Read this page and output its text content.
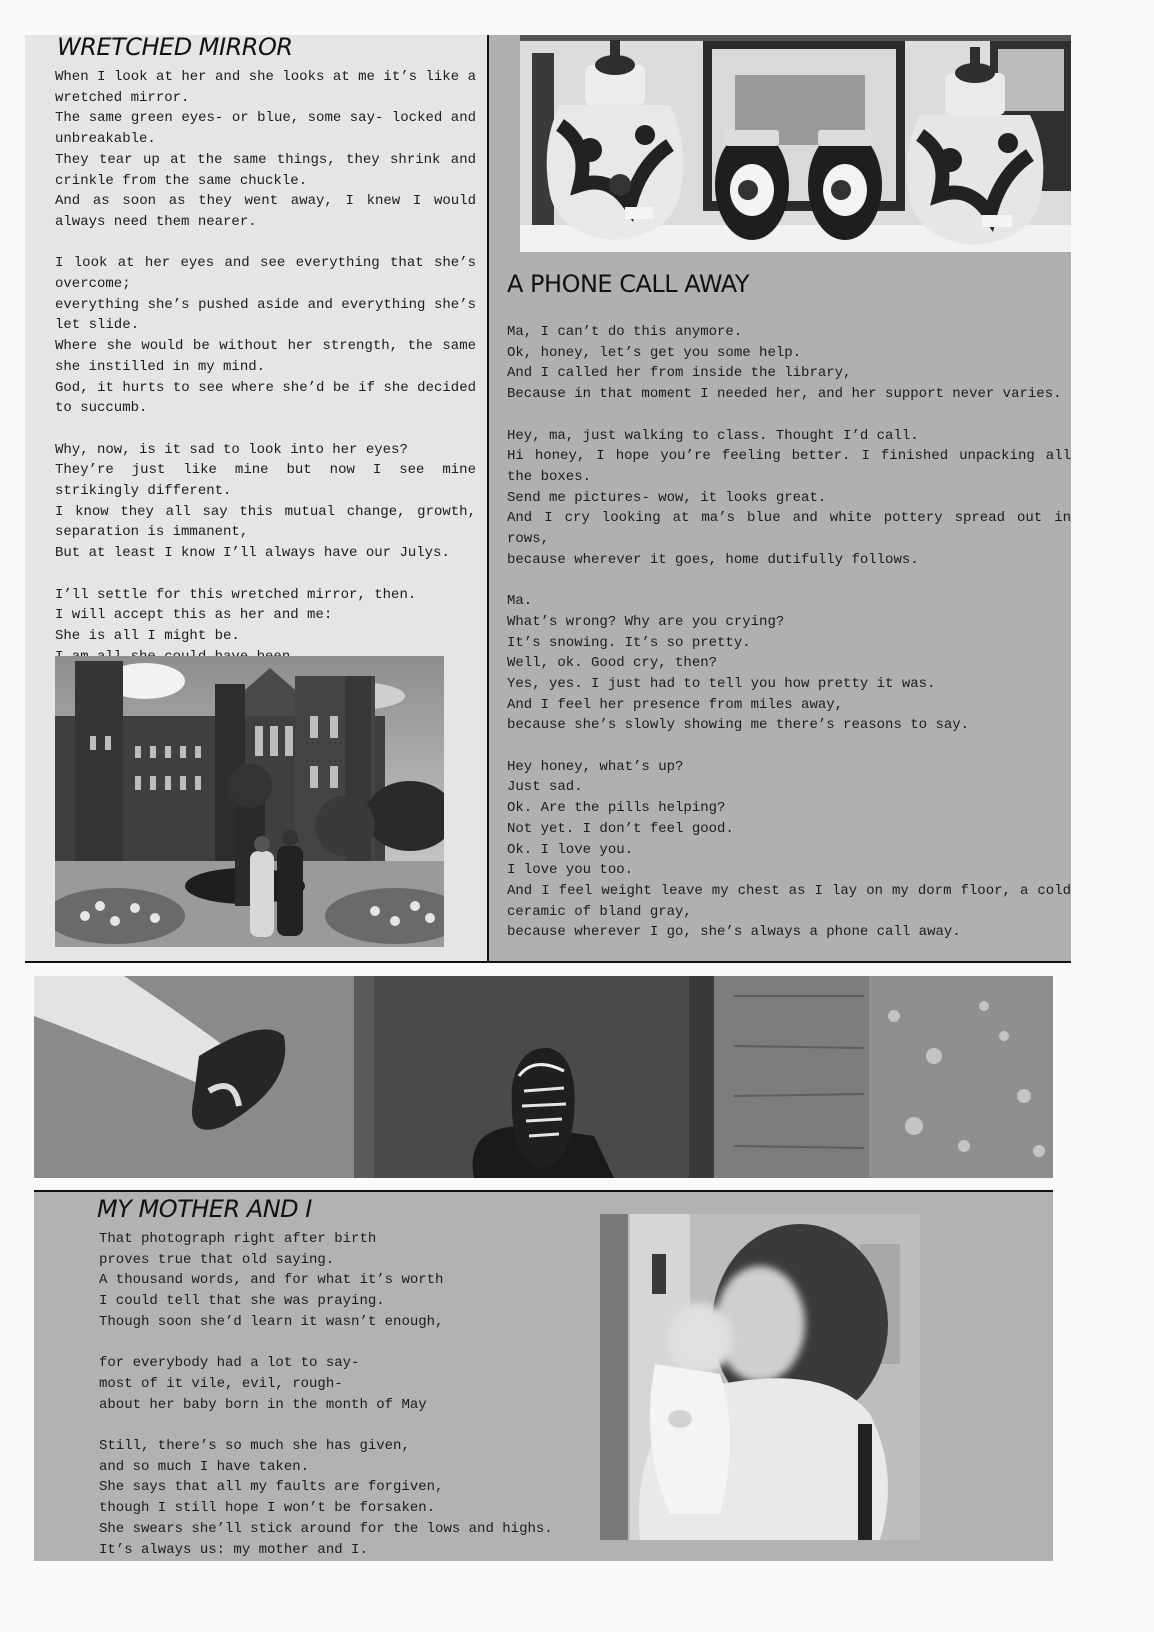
WRETCHED MIRROR

When I look at her and she looks at me it’s like a wretched mirror.

The same green eyes- or blue, some say- locked and unbreakable.

They tear up at the same things, they shrink and crinkle from the same chuckle.

And as soon as they went away, I knew I would always need them nearer.

I look at her eyes and see everything that she’s overcome;

everything she’s pushed aside and everything she’s let slide.

Where she would be without her strength, the same she instilled in my mind.

God, it hurts to see where she’d be if she decided to succumb.

Why, now, is it sad to look into her eyes?

They’re just like mine but now I see mine strikingly different.

I know they all say this mutual change, growth, separation is immanent,

But at least I know I’ll always have our Julys.

I’ll settle for this wretched mirror, then.

I will accept this as her and me:

She is all I might be.

A PHONE CALL AWAY

Ma, I can’t do this anymore.

Ok, honey, let’s get you some help.

And I called her from inside the library,

Because in that moment I needed her, and her support never varies.

Hey, ma, just walking to class. Thought I’d call.

Hi honey, I hope you’re feeling better. I finished unpacking all the boxes.

Send me pictures- wow, it looks great.

And I cry looking at ma’s blue and white pottery spread out in rows,

because wherever it goes, home dutifully follows.

Ma.

What’s wrong? Why are you crying?

It’s snowing. It’s so pretty.

Well, ok. Good cry, then?

Yes, yes. I just had to tell you how pretty it was.

And I feel her presence from miles away,

because she’s slowly showing me there’s reasons to say.

Hey honey, what’s up?

Just sad.

Ok. Are the pills helping?

Not yet. I don’t feel good.

Ok. I love you.

I love you too.

And I feel weight leave my chest as I lay on my dorm floor, a cold ceramic of bland gray,

because wherever I go, she’s always a phone call away.

MY MOTHER AND I

That photograph right after birth

proves true that old saying.

A thousand words, and for what it’s worth

I could tell that she was praying.

Though soon she’d learn it wasn’t enough,

for everybody had a lot to say-

most of it vile, evil, rough-

about her baby born in the month of May

Still, there’s so much she has given,

and so much I have taken.

She says that all my faults are forgiven,

though I still hope I won’t be forsaken.

She swears she’ll stick around for the lows and highs.

It’s always us: my mother and I.
